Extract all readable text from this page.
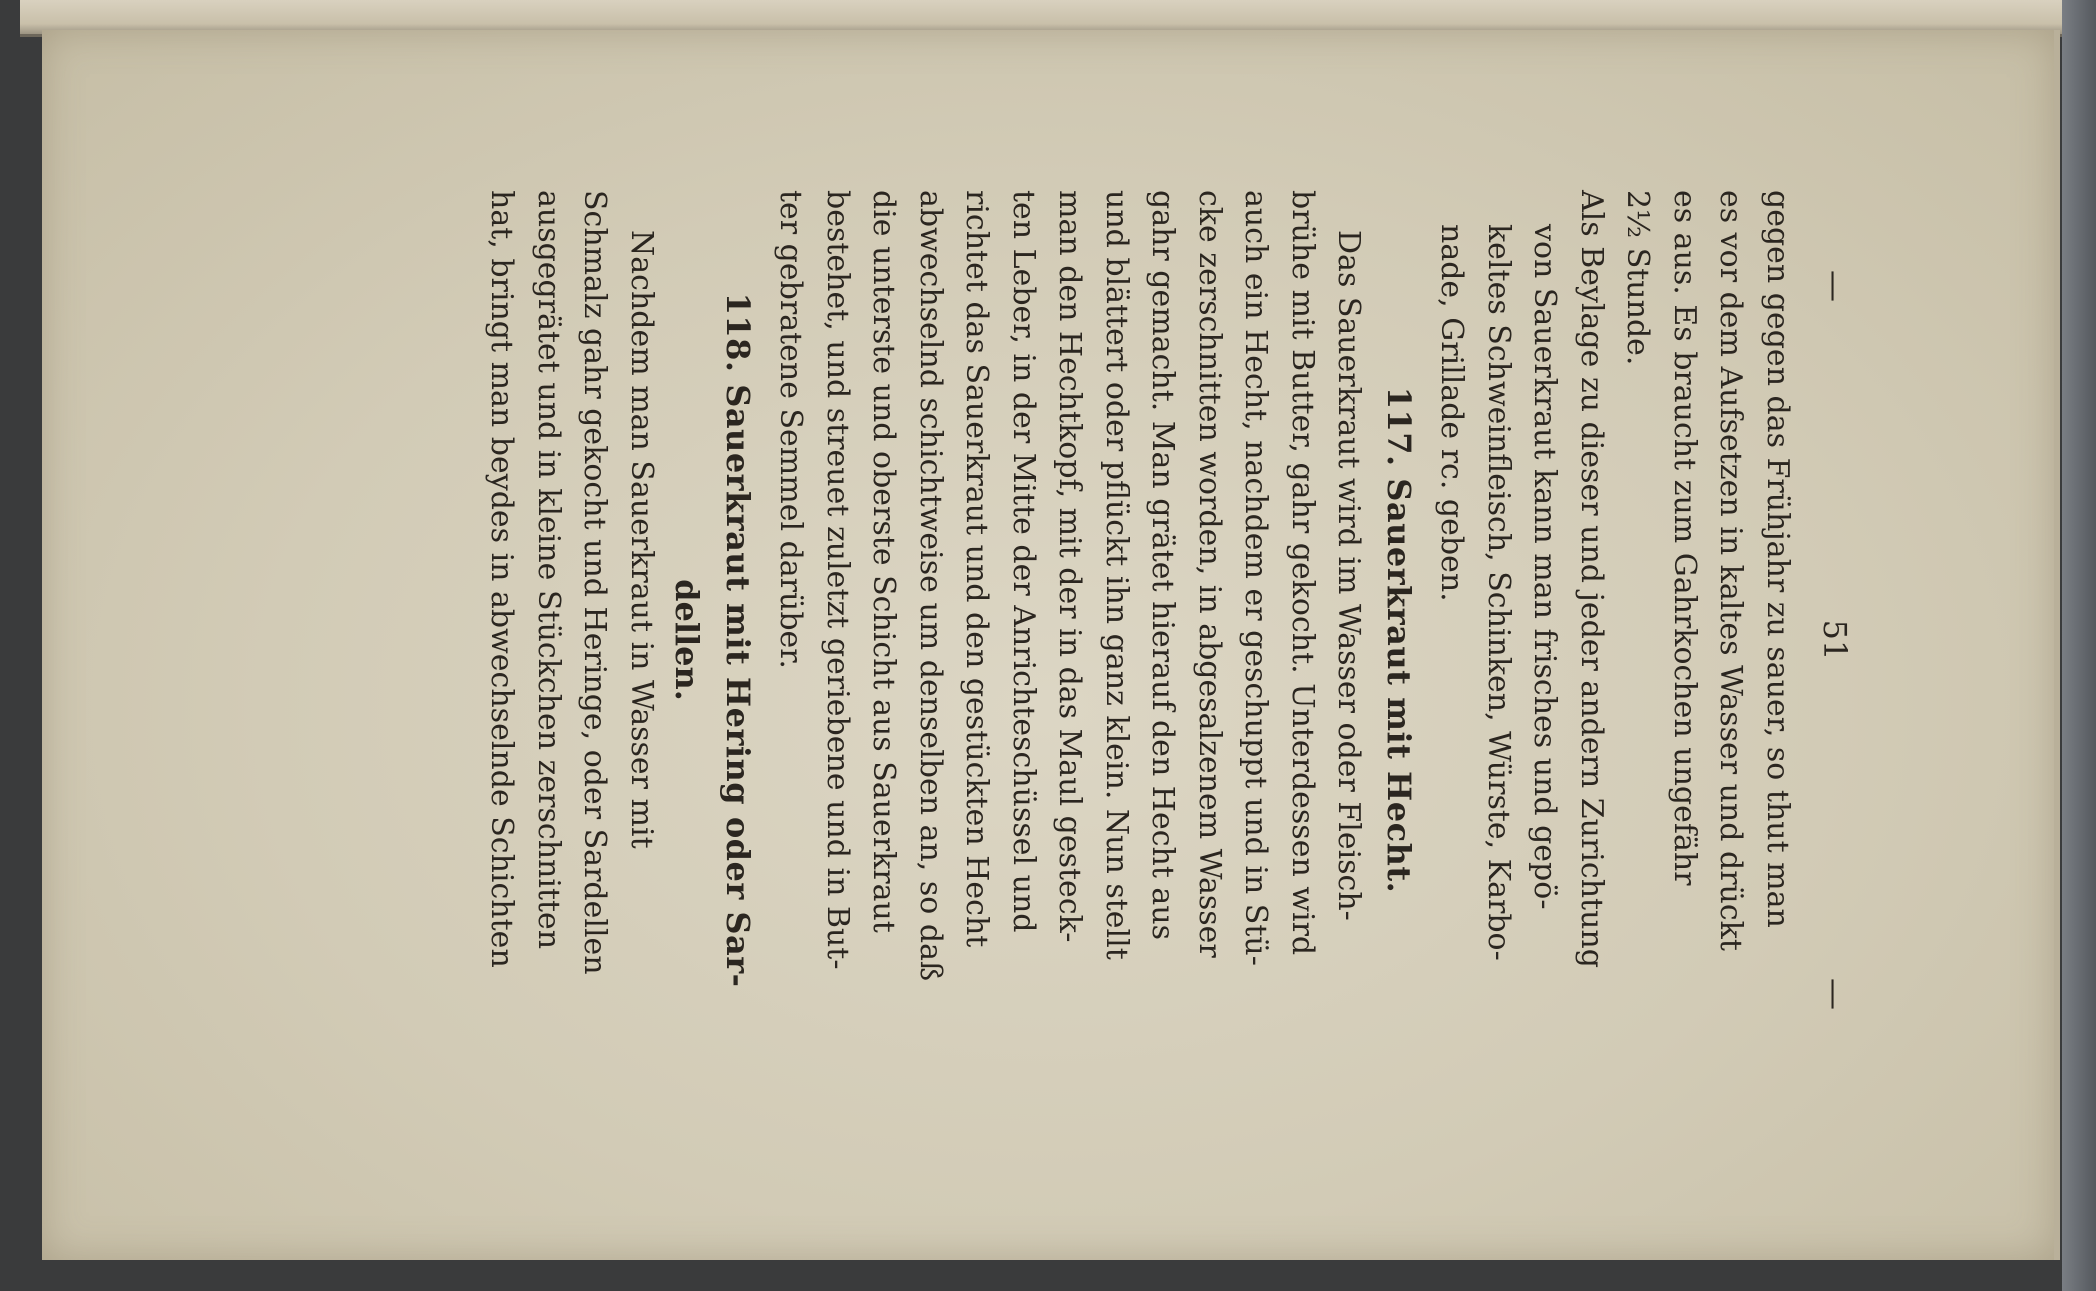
—
51
—
gegen gegen das Frühjahr zu sauer, so thut man
es vor dem Aufsetzen in kaltes Wasser und drückt
es aus. Es braucht zum Gahrkochen ungefähr
2½ Stunde.
Als Beylage zu dieser und jeder andern Zurichtung
von Sauerkraut kann man frisches und gepö-
keltes Schweinfleisch, Schinken, Würste, Karbo-
nade, Grillade rc. geben.
117. Sauerkraut mit Hecht.
Das Sauerkraut wird im Wasser oder Fleisch-
brühe mit Butter, gahr gekocht. Unterdessen wird
auch ein Hecht, nachdem er geschuppt und in Stü-
cke zerschnitten worden, in abgesalzenem Wasser
gahr gemacht. Man grätet hierauf den Hecht aus
und blättert oder pflückt ihn ganz klein. Nun stellt
man den Hechtkopf, mit der in das Maul gesteck-
ten Leber, in der Mitte der Anrichteschüssel und
richtet das Sauerkraut und den gestückten Hecht
abwechselnd schichtweise um denselben an, so daß
die unterste und oberste Schicht aus Sauerkraut
bestehet, und streuet zuletzt geriebene und in But-
ter gebratene Semmel darüber.
118. Sauerkraut mit Hering oder Sar-
dellen.
Nachdem man Sauerkraut in Wasser mit
Schmalz gahr gekocht und Heringe, oder Sardellen
ausgegrätet und in kleine Stückchen zerschnitten
hat, bringt man beydes in abwechselnde Schichten
